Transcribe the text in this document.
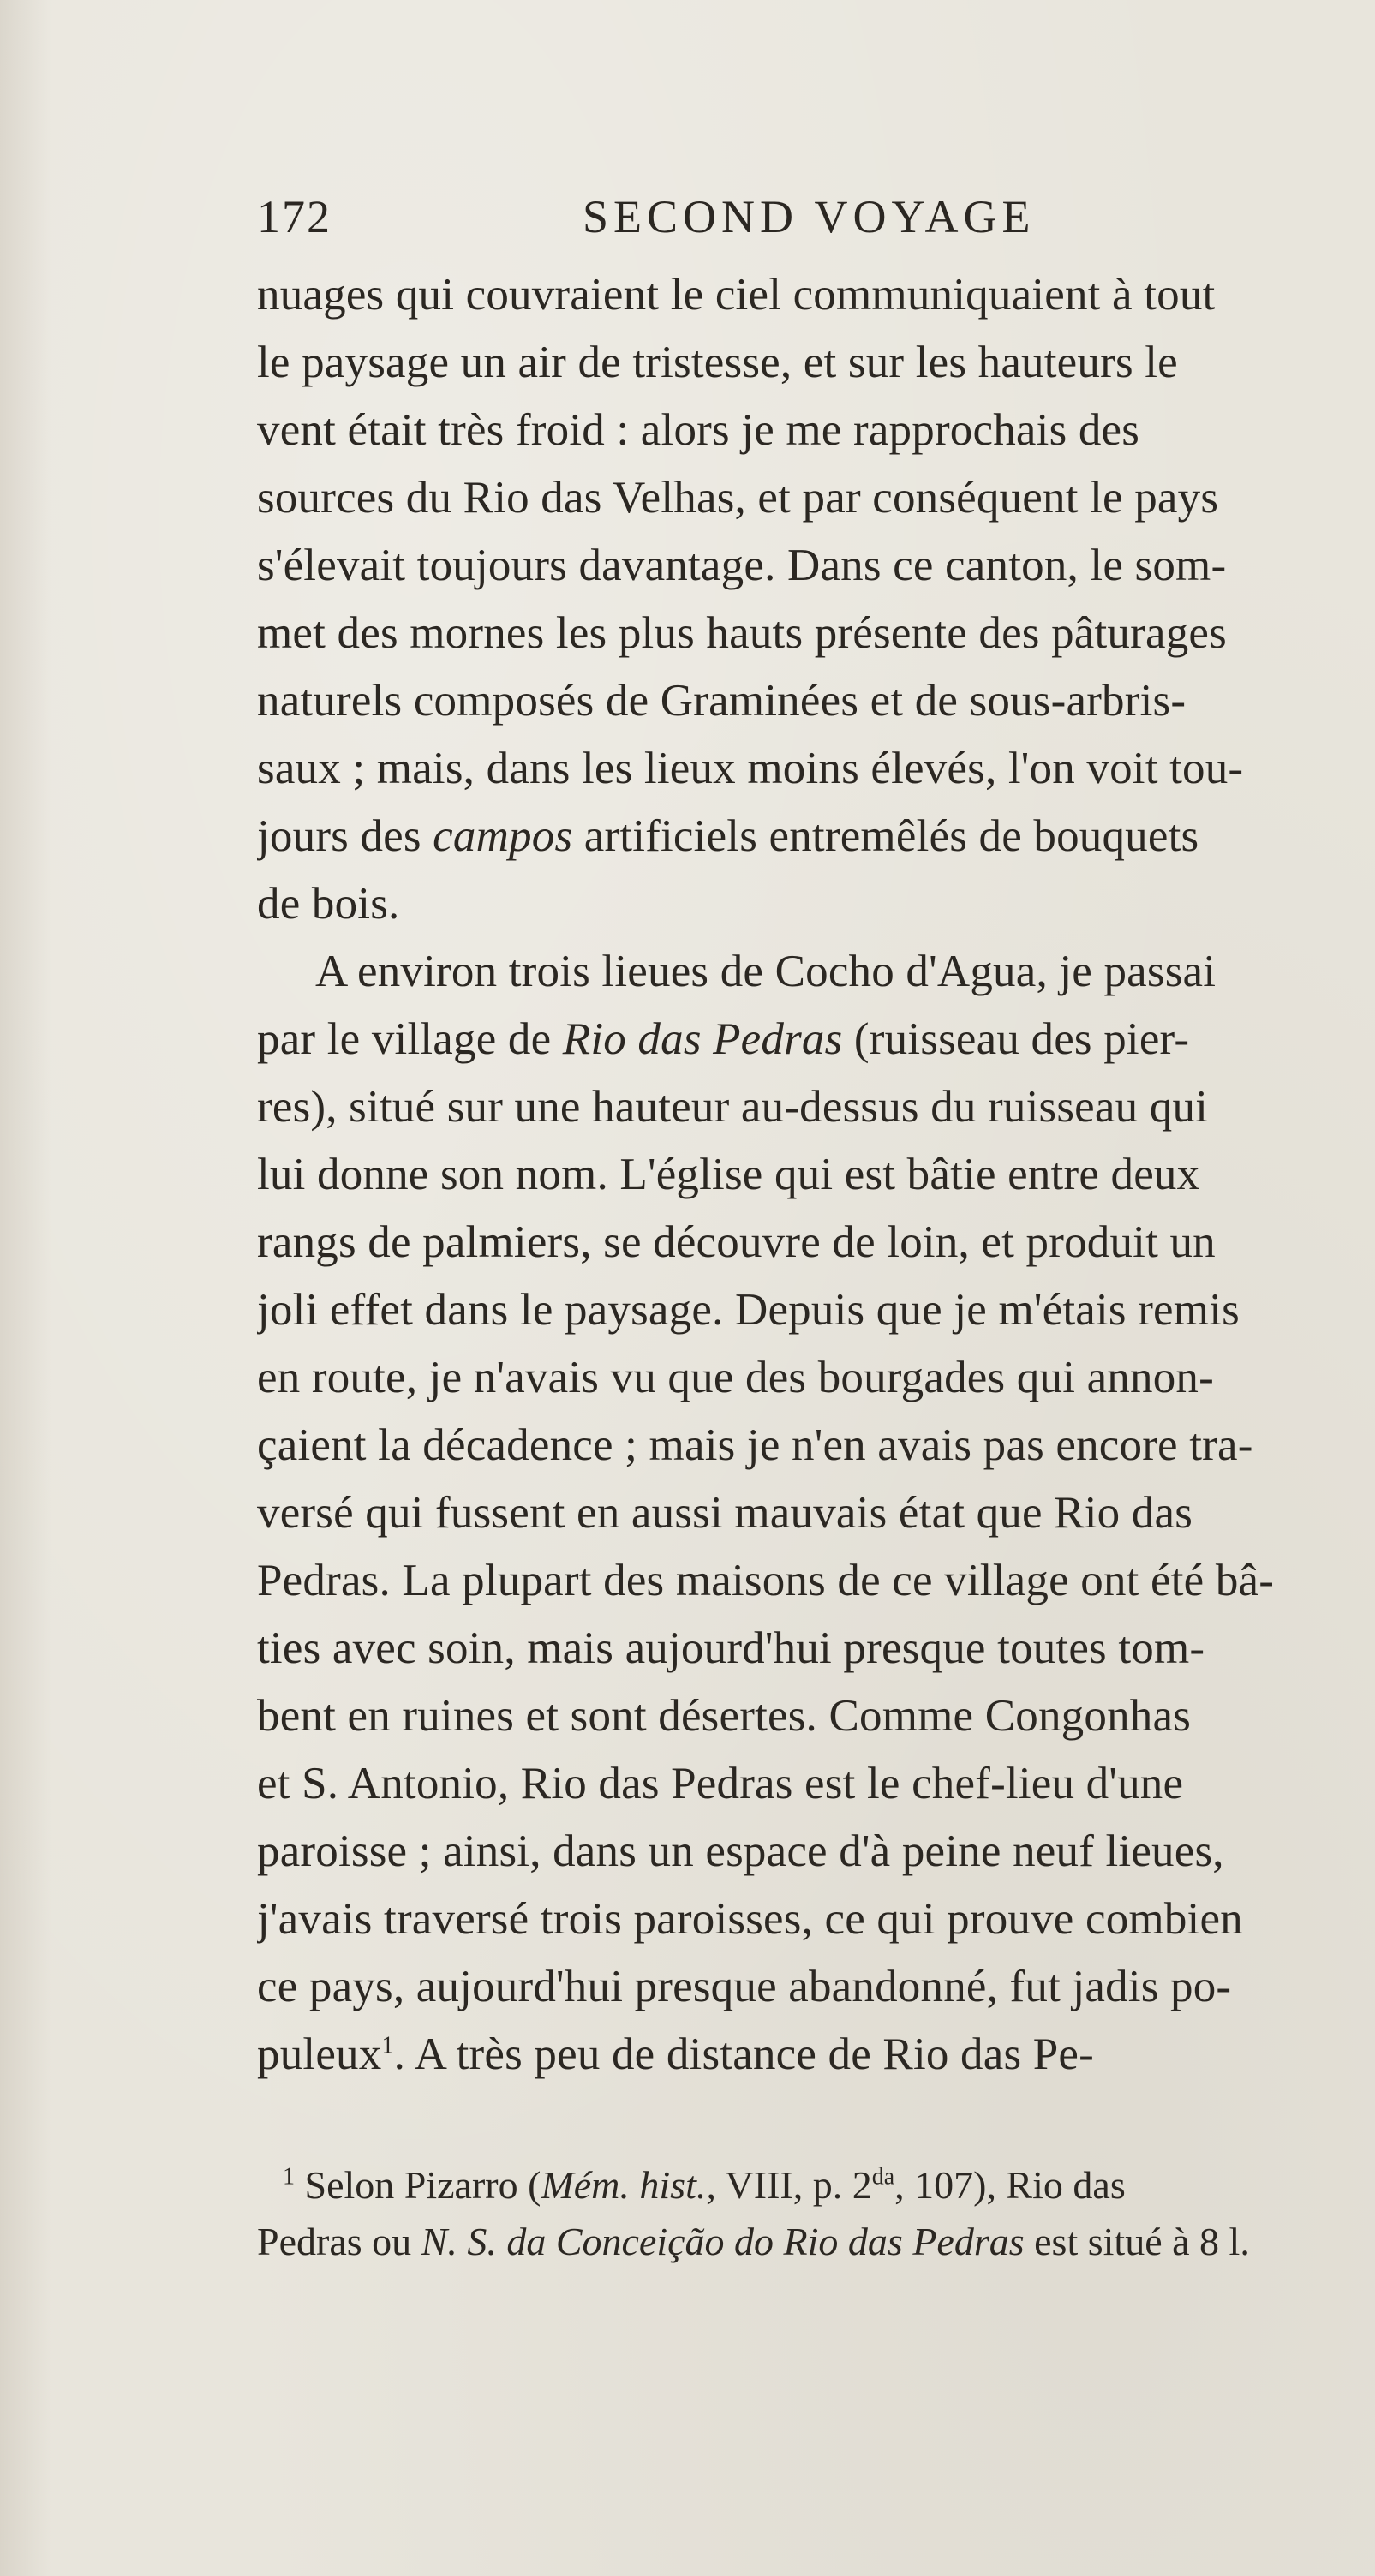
172	SECOND VOYAGE
nuages qui couvraient le ciel communiquaient à tout
le paysage un air de tristesse, et sur les hauteurs le
vent était très froid : alors je me rapprochais des
sources du Rio das Velhas, et par conséquent le pays
s'élevait toujours davantage. Dans ce canton, le som-
met des mornes les plus hauts présente des pâturages
naturels composés de Graminées et de sous-arbris-
saux ; mais, dans les lieux moins élevés, l'on voit tou-
jours des campos artificiels entremêlés de bouquets
de bois.
A environ trois lieues de Cocho d'Agua, je passai
par le village de Rio das Pedras (ruisseau des pier-
res), situé sur une hauteur au-dessus du ruisseau qui
lui donne son nom. L'église qui est bâtie entre deux
rangs de palmiers, se découvre de loin, et produit un
joli effet dans le paysage. Depuis que je m'étais remis
en route, je n'avais vu que des bourgades qui annon-
çaient la décadence ; mais je n'en avais pas encore tra-
versé qui fussent en aussi mauvais état que Rio das
Pedras. La plupart des maisons de ce village ont été bâ-
ties avec soin, mais aujourd'hui presque toutes tom-
bent en ruines et sont désertes. Comme Congonhas
et S. Antonio, Rio das Pedras est le chef-lieu d'une
paroisse ; ainsi, dans un espace d'à peine neuf lieues,
j'avais traversé trois paroisses, ce qui prouve combien
ce pays, aujourd'hui presque abandonné, fut jadis po-
puleux$^1$. A très peu de distance de Rio das Pe-
$^1$ Selon Pizarro (Mém. hist., VIII, p. $2^{da}$, 107), Rio das
Pedras ou N. S. da Conceição do Rio das Pedras est situé à 8 l.
